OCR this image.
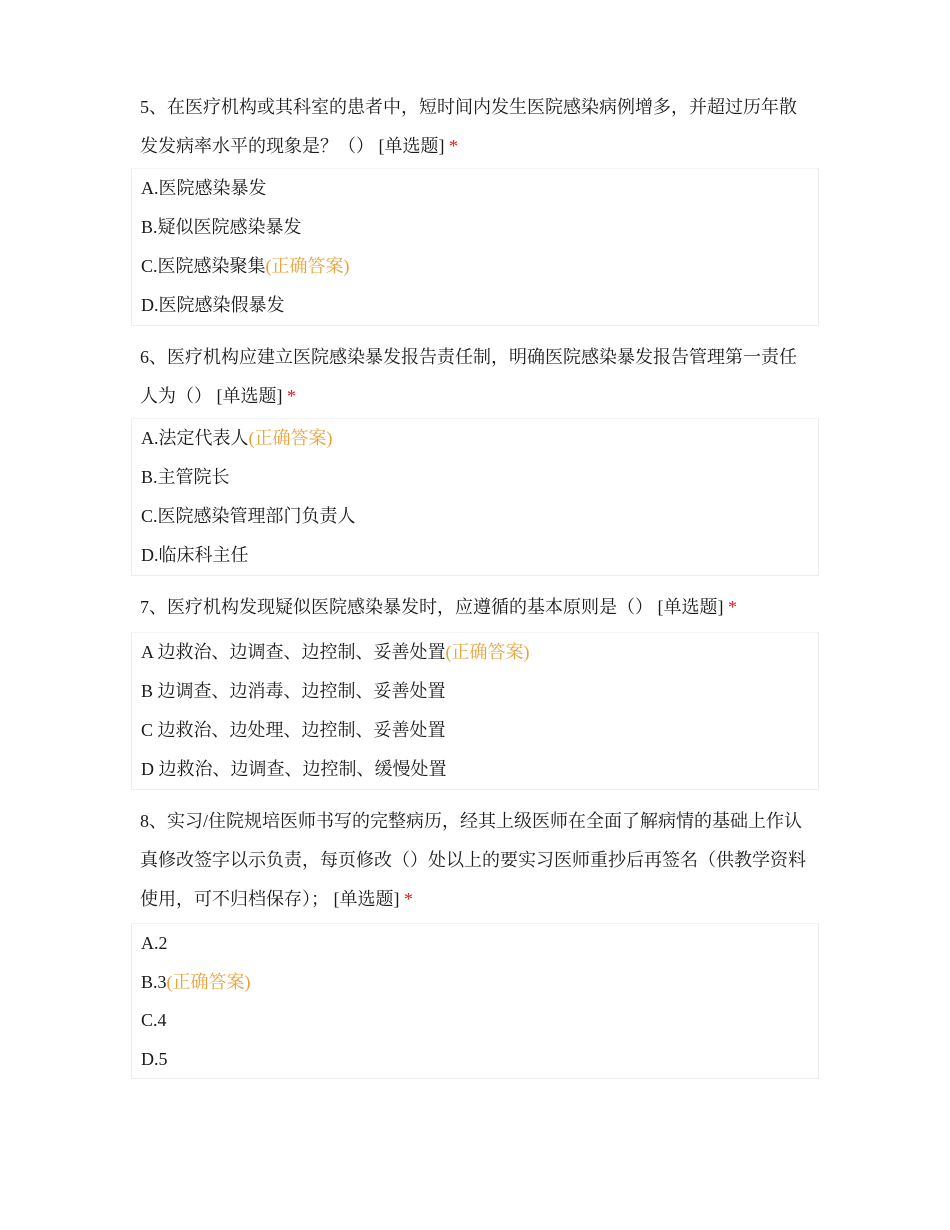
5、在医疗机构或其科室的患者中，短时间内发生医院感染病例增多，并超过历年散发发病率水平的现象是？（） [单选题] *

A.医院感染暴发

B.疑似医院感染暴发

C.医院感染聚集(正确答案)

D.医院感染假暴发

6、医疗机构应建立医院感染暴发报告责任制，明确医院感染暴发报告管理第一责任人为（） [单选题] *

A.法定代表人(正确答案)

B.主管院长

C.医院感染管理部门负责人

D.临床科主任

7、医疗机构发现疑似医院感染暴发时，应遵循的基本原则是（） [单选题] *

A 边救治、边调查、边控制、妥善处置(正确答案)

B 边调查、边消毒、边控制、妥善处置

C 边救治、边处理、边控制、妥善处置

D 边救治、边调查、边控制、缓慢处置

8、实习/住院规培医师书写的完整病历，经其上级医师在全面了解病情的基础上作认真修改签字以示负责，每页修改（）处以上的要实习医师重抄后再签名（供教学资料使用，可不归档保存）； [单选题] *

A.2

B.3(正确答案)

C.4

D.5
